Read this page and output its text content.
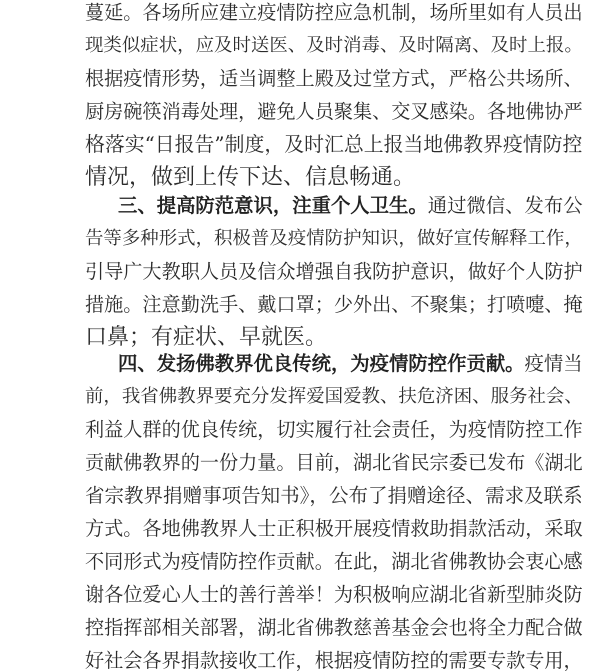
蔓延。各场所应建立疫情防控应急机制，场所里如有人员出
现类似症状，应及时送医、及时消毒、及时隔离、及时上报。
根据疫情形势，适当调整上殿及过堂方式，严格公共场所、
厨房碗筷消毒处理，避免人员聚集、交叉感染。各地佛协严
格落实“日报告”制度，及时汇总上报当地佛教界疫情防控
情况，做到上传下达、信息畅通。
三、提高防范意识，注重个人卫生。通过微信、发布公
告等多种形式，积极普及疫情防护知识，做好宣传解释工作，
引导广大教职人员及信众增强自我防护意识，做好个人防护
措施。注意勤洗手、戴口罩；少外出、不聚集；打喷嚏、掩
口鼻；有症状、早就医。
四、发扬佛教界优良传统，为疫情防控作贡献。疫情当
前，我省佛教界要充分发挥爱国爱教、扶危济困、服务社会、
利益人群的优良传统，切实履行社会责任，为疫情防控工作
贡献佛教界的一份力量。目前，湖北省民宗委已发布《湖北
省宗教界捐赠事项告知书》，公布了捐赠途径、需求及联系
方式。各地佛教界人士正积极开展疫情救助捐款活动，采取
不同形式为疫情防控作贡献。在此，湖北省佛教协会衷心感
谢各位爱心人士的善行善举！为积极响应湖北省新型肺炎防
控指挥部相关部署，湖北省佛教慈善基金会也将全力配合做
好社会各界捐款接收工作，根据疫情防控的需要专款专用，
